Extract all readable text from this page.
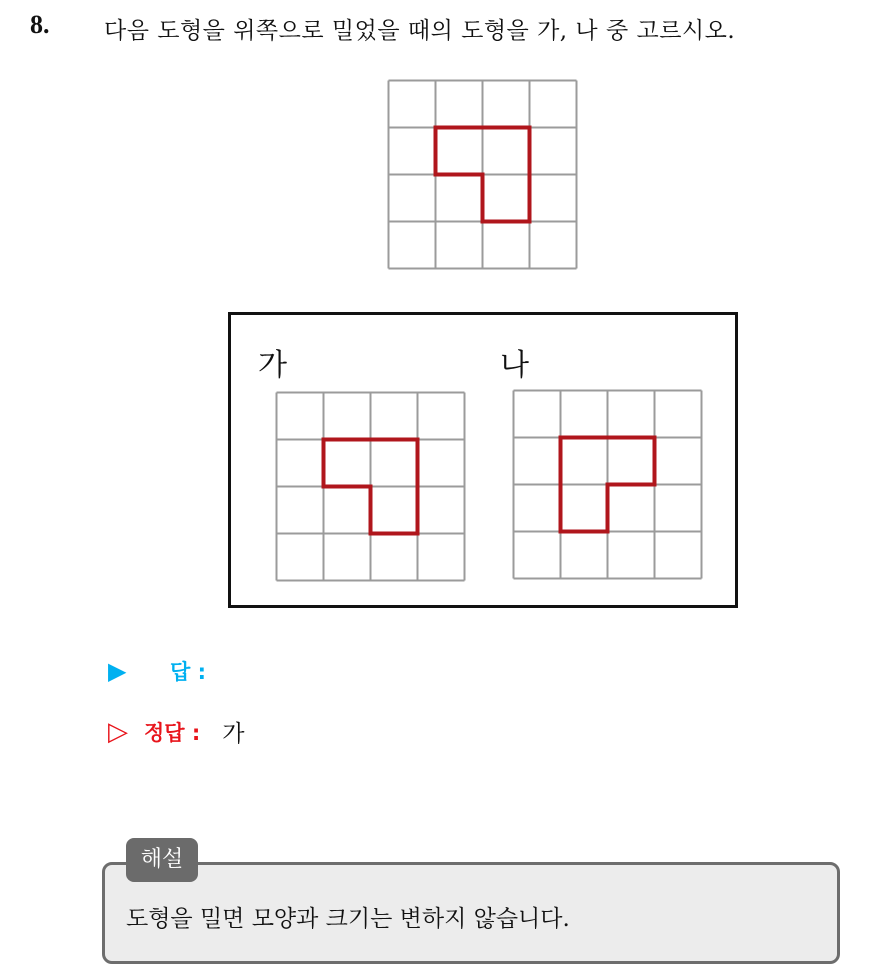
8. 다음 도형을 위쪽으로 밀었을 때의 도형을 가, 나 중 고르시오.
가	나
▶	답 :
▷ 정답 : 가
해설
도형을 밀면 모양과 크기는 변하지 않습니다.
